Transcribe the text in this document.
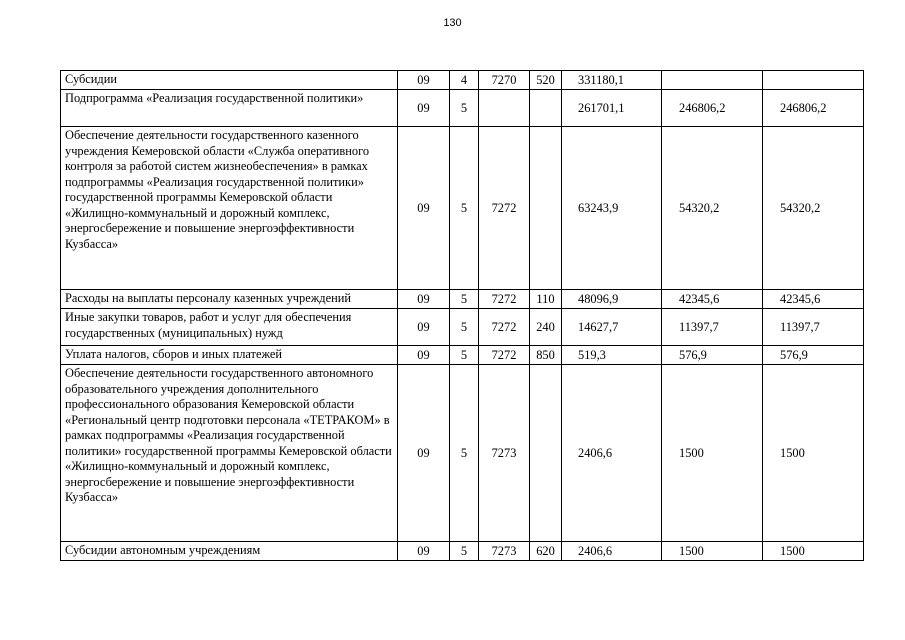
130
Субсидии	09	4	7270	520	331180,1		
Подпрограмма «Реализация государственной политики»	09	5			261701,1	246806,2	246806,2
Обеспечение деятельности государственного казенного учреждения Кемеровской области «Служба оперативного контроля за работой систем жизнеобеспечения» в рамках подпрограммы «Реализация государственной политики» государственной программы Кемеровской области «Жилищно-коммунальный и дорожный комплекс, энергосбережение и повышение энергоэффективности Кузбасса»	09	5	7272		63243,9	54320,2	54320,2
Расходы на выплаты персоналу казенных учреждений	09	5	7272	110	48096,9	42345,6	42345,6
Иные закупки товаров, работ и услуг для обеспечения государственных (муниципальных) нужд	09	5	7272	240	14627,7	11397,7	11397,7
Уплата налогов, сборов и иных платежей	09	5	7272	850	519,3	576,9	576,9
Обеспечение деятельности государственного автономного образовательного учреждения дополнительного профессионального образования Кемеровской области «Региональный центр подготовки персонала «ТЕТРАКОМ» в рамках подпрограммы «Реализация государственной политики» государственной программы Кемеровской области «Жилищно-коммунальный и дорожный комплекс, энергосбережение и повышение энергоэффективности Кузбасса»	09	5	7273		2406,6	1500	1500
Субсидии автономным учреждениям	09	5	7273	620	2406,6	1500	1500
